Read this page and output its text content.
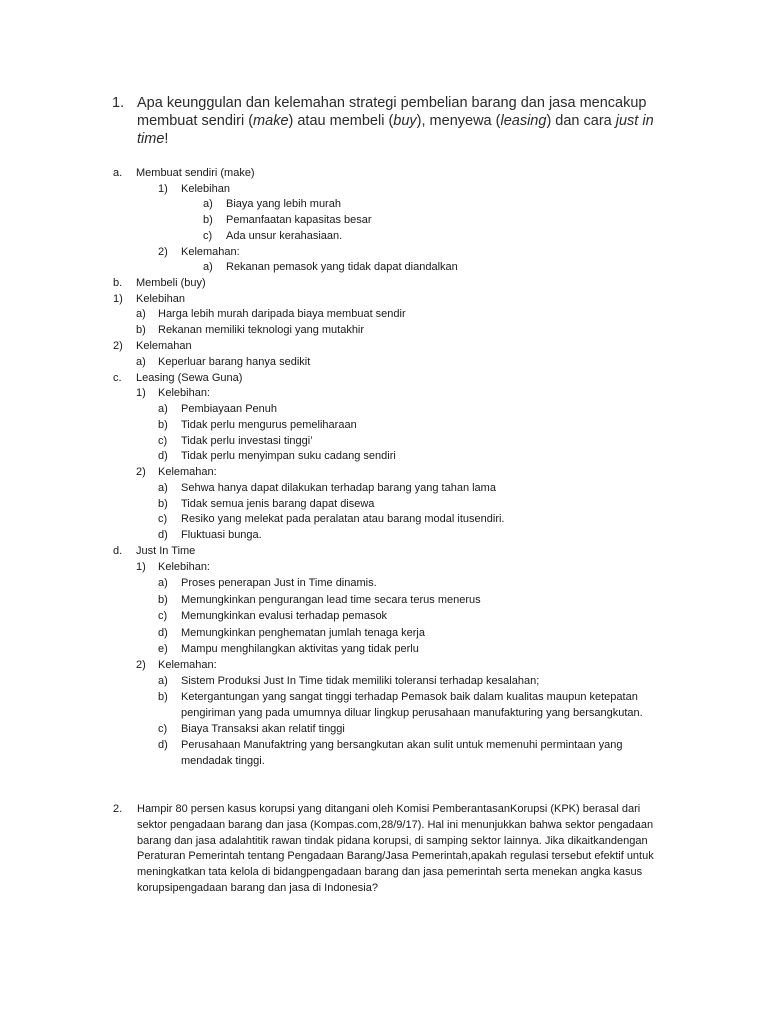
1. Apa keunggulan dan kelemahan strategi pembelian barang dan jasa mencakup membuat sendiri (make) atau membeli (buy), menyewa (leasing) dan cara just in time!
a. Membuat sendiri (make)
1) Kelebihan
a) Biaya yang lebih murah
b) Pemanfaatan kapasitas besar
c) Ada unsur kerahasiaan.
2) Kelemahan:
a) Rekanan pemasok yang tidak dapat diandalkan
b. Membeli (buy)
1) Kelebihan
a) Harga lebih murah daripada biaya membuat sendir
b) Rekanan memiliki teknologi yang mutakhir
2) Kelemahan
a) Keperluar barang hanya sedikit
c. Leasing (Sewa Guna)
1) Kelebihan:
a) Pembiayaan Penuh
b) Tidak perlu mengurus pemeliharaan
c) Tidak perlu investasi tinggi’
d) Tidak perlu menyimpan suku cadang sendiri
2) Kelemahan:
a) Sehwa hanya dapat dilakukan terhadap barang yang tahan lama
b) Tidak semua jenis barang dapat disewa
c) Resiko yang melekat pada peralatan atau barang modal itusendiri.
d) Fluktuasi bunga.
d. Just In Time
1) Kelebihan:
a) Proses penerapan Just in Time dinamis.
b) Memungkinkan pengurangan lead time secara terus menerus
c) Memungkinkan evalusi terhadap pemasok
d) Memungkinkan penghematan jumlah tenaga kerja
e) Mampu menghilangkan aktivitas yang tidak perlu
2) Kelemahan:
a) Sistem Produksi Just In Time tidak memiliki toleransi terhadap kesalahan;
b) Ketergantungan yang sangat tinggi terhadap Pemasok baik dalam kualitas maupun ketepatan
pengiriman yang pada umumnya diluar lingkup perusahaan manufakturing yang bersangkutan.
c) Biaya Transaksi akan relatif tinggi
d) Perusahaan Manufaktring yang bersangkutan akan sulit untuk memenuhi permintaan yang
mendadak tinggi.
2. Hampir 80 persen kasus korupsi yang ditangani oleh Komisi PemberantasanKorupsi (KPK) berasal dari
sektor pengadaan barang dan jasa (Kompas.com,28/9/17). Hal ini menunjukkan bahwa sektor pengadaan
barang dan jasa adalahtitik rawan tindak pidana korupsi, di samping sektor lainnya. Jika dikaitkandengan
Peraturan Pemerintah tentang Pengadaan Barang/Jasa Pemerintah,apakah regulasi tersebut efektif untuk
meningkatkan tata kelola di bidangpengadaan barang dan jasa pemerintah serta menekan angka kasus
korupsipengadaan barang dan jasa di Indonesia?
